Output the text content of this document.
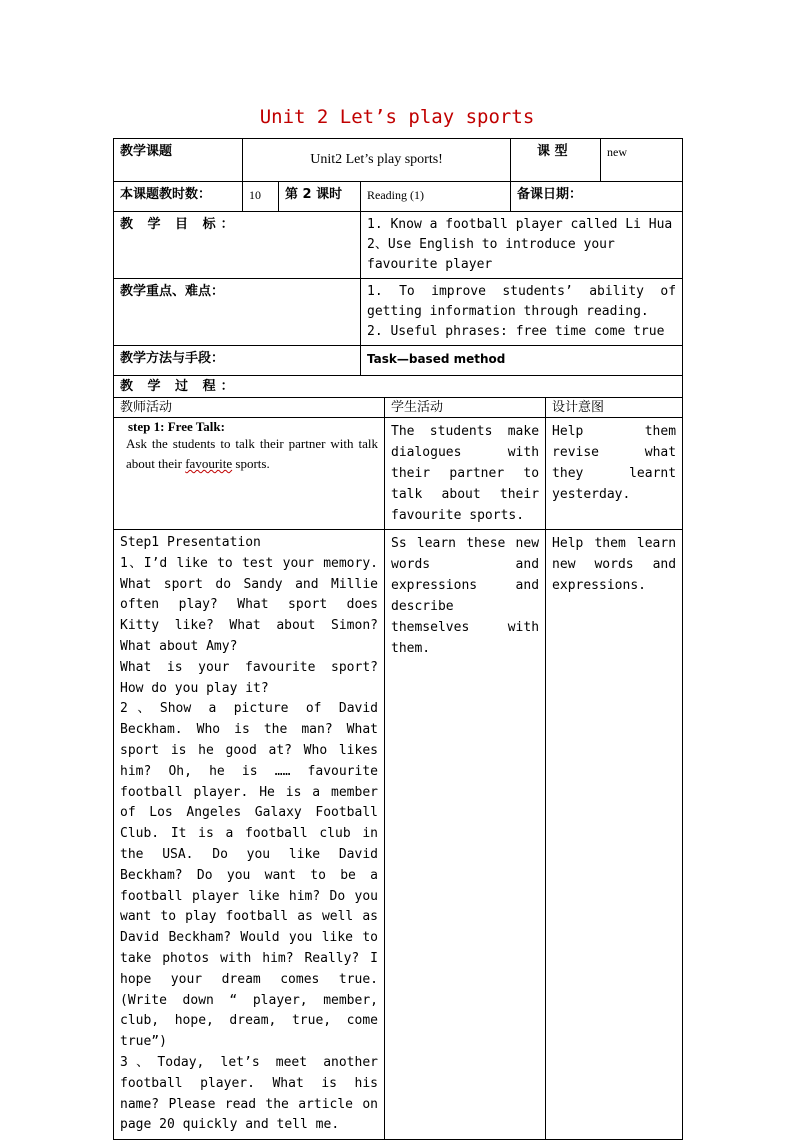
Unit 2 Let’s play sports
教学课题	Unit2 Let’s play sports!				课 型		new
本课题教时数：	10	第 2 课时	Reading (1)		备课日期：		
教 学 目 标：			1. Know a football player called Li Hua

2、Use English to introduce your favourite player				

教学重点、难点：			1. To improve students’ ability of getting information through reading.

2. Useful phrases: free time come true				

教学方法与手段：			Task—based method				
教 学 过 程：							
教师活动				学生活动		设计意图	

step 1: Free Talk:
Ask the students to talk their partner with talk about their favourite sports.				The students make dialogues with their partner to talk about their favourite sports.		Help them revise what they learnt yesterday.	

Step1 Presentation

1、I’d like to test your memory. What sport do Sandy and Millie often play? What sport does Kitty like? What about Simon? What about Amy?

What is your favourite sport? How do you play it?

2、Show a picture of David Beckham. Who is the man? What sport is he good at? Who likes him? Oh, he is …… favourite football player. He is a member of Los Angeles Galaxy Football Club. It is a football club in the USA. Do you like David Beckham? Do you want to be a football player like him? Do you want to play football as well as David Beckham? Would you like to take photos with him? Really? I hope your dream comes true. (Write down “ player, member, club, hope, dream, true, come true”)

3、Today, let’s meet another football player. What is his name? Please read the article on page 20 quickly and tell me.				Ss learn these new words and expressions and describe themselves with them.		Help them learn new words and expressions.	
